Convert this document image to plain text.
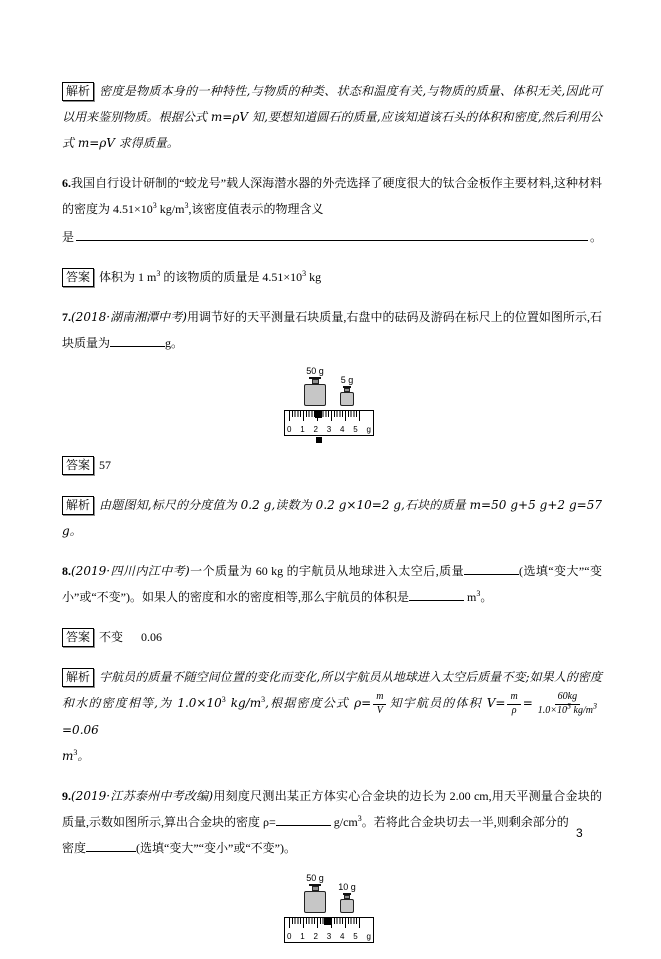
解析 密度是物质本身的一种特性,与物质的种类、状态和温度有关,与物质的质量、体积无关,因此可以用来鉴别物质。根据公式 m=ρV 知,要想知道圆石的质量,应该知道该石头的体积和密度,然后利用公式 m=ρV 求得质量。

6.我国自行设计研制的“蛟龙号”载人深海潜水器的外壳选择了硬度很大的钛合金板作主要材料,这种材料的密度为 $4.51\times 10^3$ $kg/m^3$,该密度值表示的物理含义

是	。

答案 体积为 1 $m^3$ 的该物质的质量是 $4.51\times 10^3$ kg

7.(2018·湖南湘潭中考)用调节好的天平测量石块质量,右盘中的砝码及游码在标尺上的位置如图所示,石块质量为	g。

50 g
5 g
0 1 2 3 4 5 g

答案 57

解析 由题图知,标尺的分度值为 0.2 g,读数为 0.2 g×10=2 g,石块的质量 m=50 g+5 g+2 g=57 g。

8.(2019·四川内江中考)一个质量为 60 kg 的宇航员从地球进入太空后,质量	(选填“变大”“变小”或“不变”)。如果人的密度和水的密度相等,那么宇航员的体积是	$m^3$。

答案 不变 0.06

解析 宇航员的质量不随空间位置的变化而变化,所以宇航员从地球进入太空后质量不变;如果人的密度和水的密度相等,为 $1.0\times 10^3$ $kg/m^3$,根据密度公式 $\rho= \frac{m}{V}$ 知宇航员的体积 $V= \frac{m}{\rho} = \frac{60kg}{1.0\times 10^3 kg/m^3}$
=0.06
$m^3$。

9.(2019·江苏泰州中考改编)用刻度尺测出某正方体实心合金块的边长为 2.00 cm,用天平测量合金块的质量,示数如图所示,算出合金块的密度 ρ=	$g/cm^3$。若将此合金块切去一半,则剩余部分的
密度	(选填“变大”“变小”或“不变”)。

50 g
10 g
0 1 2 3 4 5 g
3
